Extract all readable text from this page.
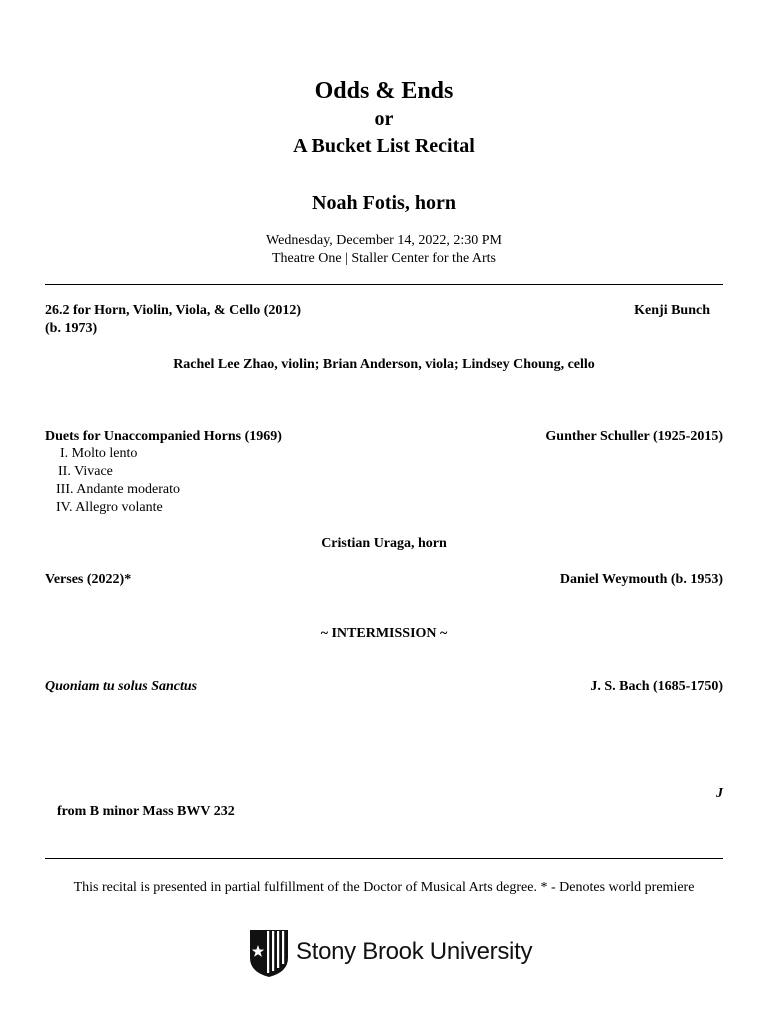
Odds & Ends
or
A Bucket List Recital
Noah Fotis, horn
Wednesday, December 14, 2022, 2:30 PM
Theatre One | Staller Center for the Arts
26.2 for Horn, Violin, Viola, & Cello (2012)	Kenji Bunch
(b. 1973)
Rachel Lee Zhao, violin; Brian Anderson, viola; Lindsey Choung, cello
Duets for Unaccompanied Horns (1969)	Gunther Schuller (1925-2015)
I. Molto lento
II. Vivace
III. Andante moderato
IV. Allegro volante
Cristian Uraga, horn
Verses (2022)*	Daniel Weymouth (b. 1953)
~ INTERMISSION ~
Quoniam tu solus Sanctus	J. S. Bach (1685-1750)
J
from B minor Mass BWV 232
This recital is presented in partial fulfillment of the Doctor of Musical Arts degree. * - Denotes world premiere
Stony Brook University
